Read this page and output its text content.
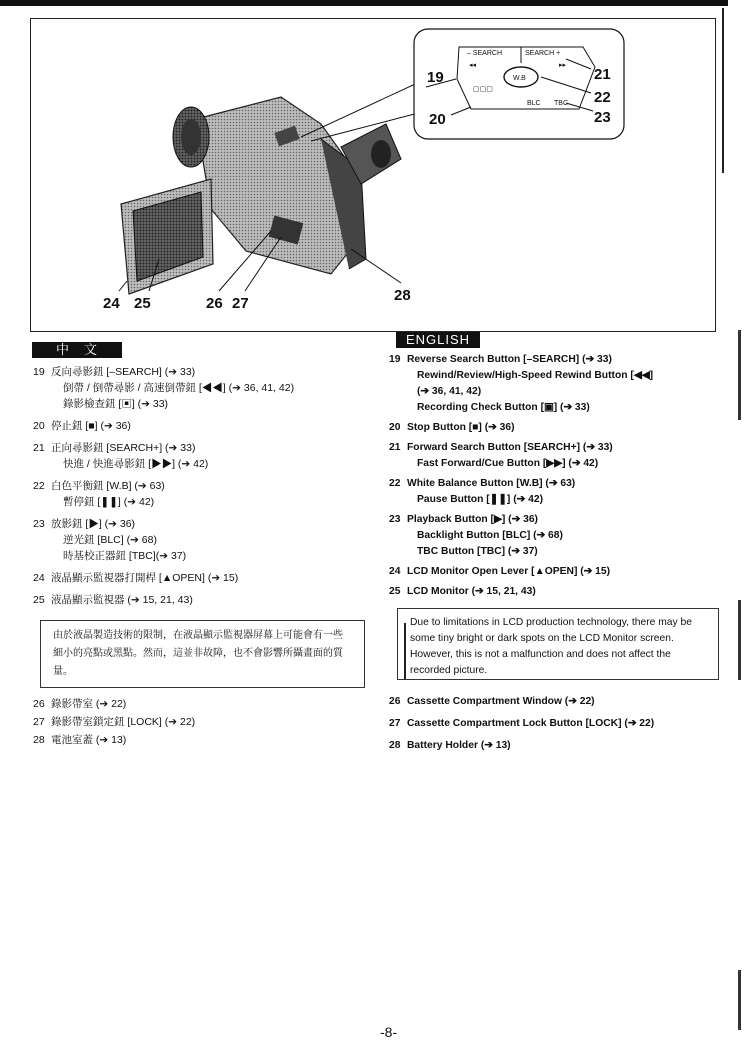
– SEARCH	SEARCH +
◂◂	▸▸
W.B
BLC TBC
▢▢▢
19
20
21
22
23
24 25	26 27	28
中　文
19 反向尋影鈕 [–SEARCH] (➔ 33)
倒帶 / 倒帶尋影 / 高速倒帶鈕 [◀◀] (➔ 36, 41, 42)
錄影檢查鈕 [▣] (➔ 33)
20 停止鈕 [■] (➔ 36)
21 正向尋影鈕 [SEARCH+] (➔ 33)
快進 / 快進尋影鈕 [▶▶] (➔ 42)
22 白色平衡鈕 [W.B] (➔ 63)
暫停鈕 [❚❚] (➔ 42)
23 放影鈕 [▶] (➔ 36)
逆光鈕 [BLC] (➔ 68)
時基校正器鈕 [TBC](➔ 37)
24 液晶顯示監視器打開桿 [▲OPEN] (➔ 15)
25 液晶顯示監視器 (➔ 15, 21, 43)
由於液晶製造技術的限制，在液晶顯示監視器屏幕上可能會有一些細小的亮點或黑點。然而，這並非故障，也不會影響所攝畫面的質量。
26 錄影帶室 (➔ 22)
27 錄影帶室鎖定鈕 [LOCK] (➔ 22)
28 電池室蓋 (➔ 13)
ENGLISH
19 Reverse Search Button [–SEARCH] (➔ 33)
Rewind/Review/High-Speed Rewind Button [◀◀]
(➔ 36, 41, 42)
Recording Check Button [▣] (➔ 33)
20 Stop Button [■] (➔ 36)
21 Forward Search Button [SEARCH+] (➔ 33)
Fast Forward/Cue Button [▶▶] (➔ 42)
22 White Balance Button [W.B] (➔ 63)
Pause Button [❚❚] (➔ 42)
23 Playback Button [▶] (➔ 36)
Backlight Button [BLC] (➔ 68)
TBC Button [TBC] (➔ 37)
24 LCD Monitor Open Lever [▲OPEN] (➔ 15)
25 LCD Monitor (➔ 15, 21, 43)
Due to limitations in LCD production technology, there may be some tiny bright or dark spots on the LCD Monitor screen. However, this is not a malfunction and does not affect the recorded picture.
26 Cassette Compartment Window (➔ 22)
27 Cassette Compartment Lock Button [LOCK] (➔ 22)
28 Battery Holder (➔ 13)
-8-
